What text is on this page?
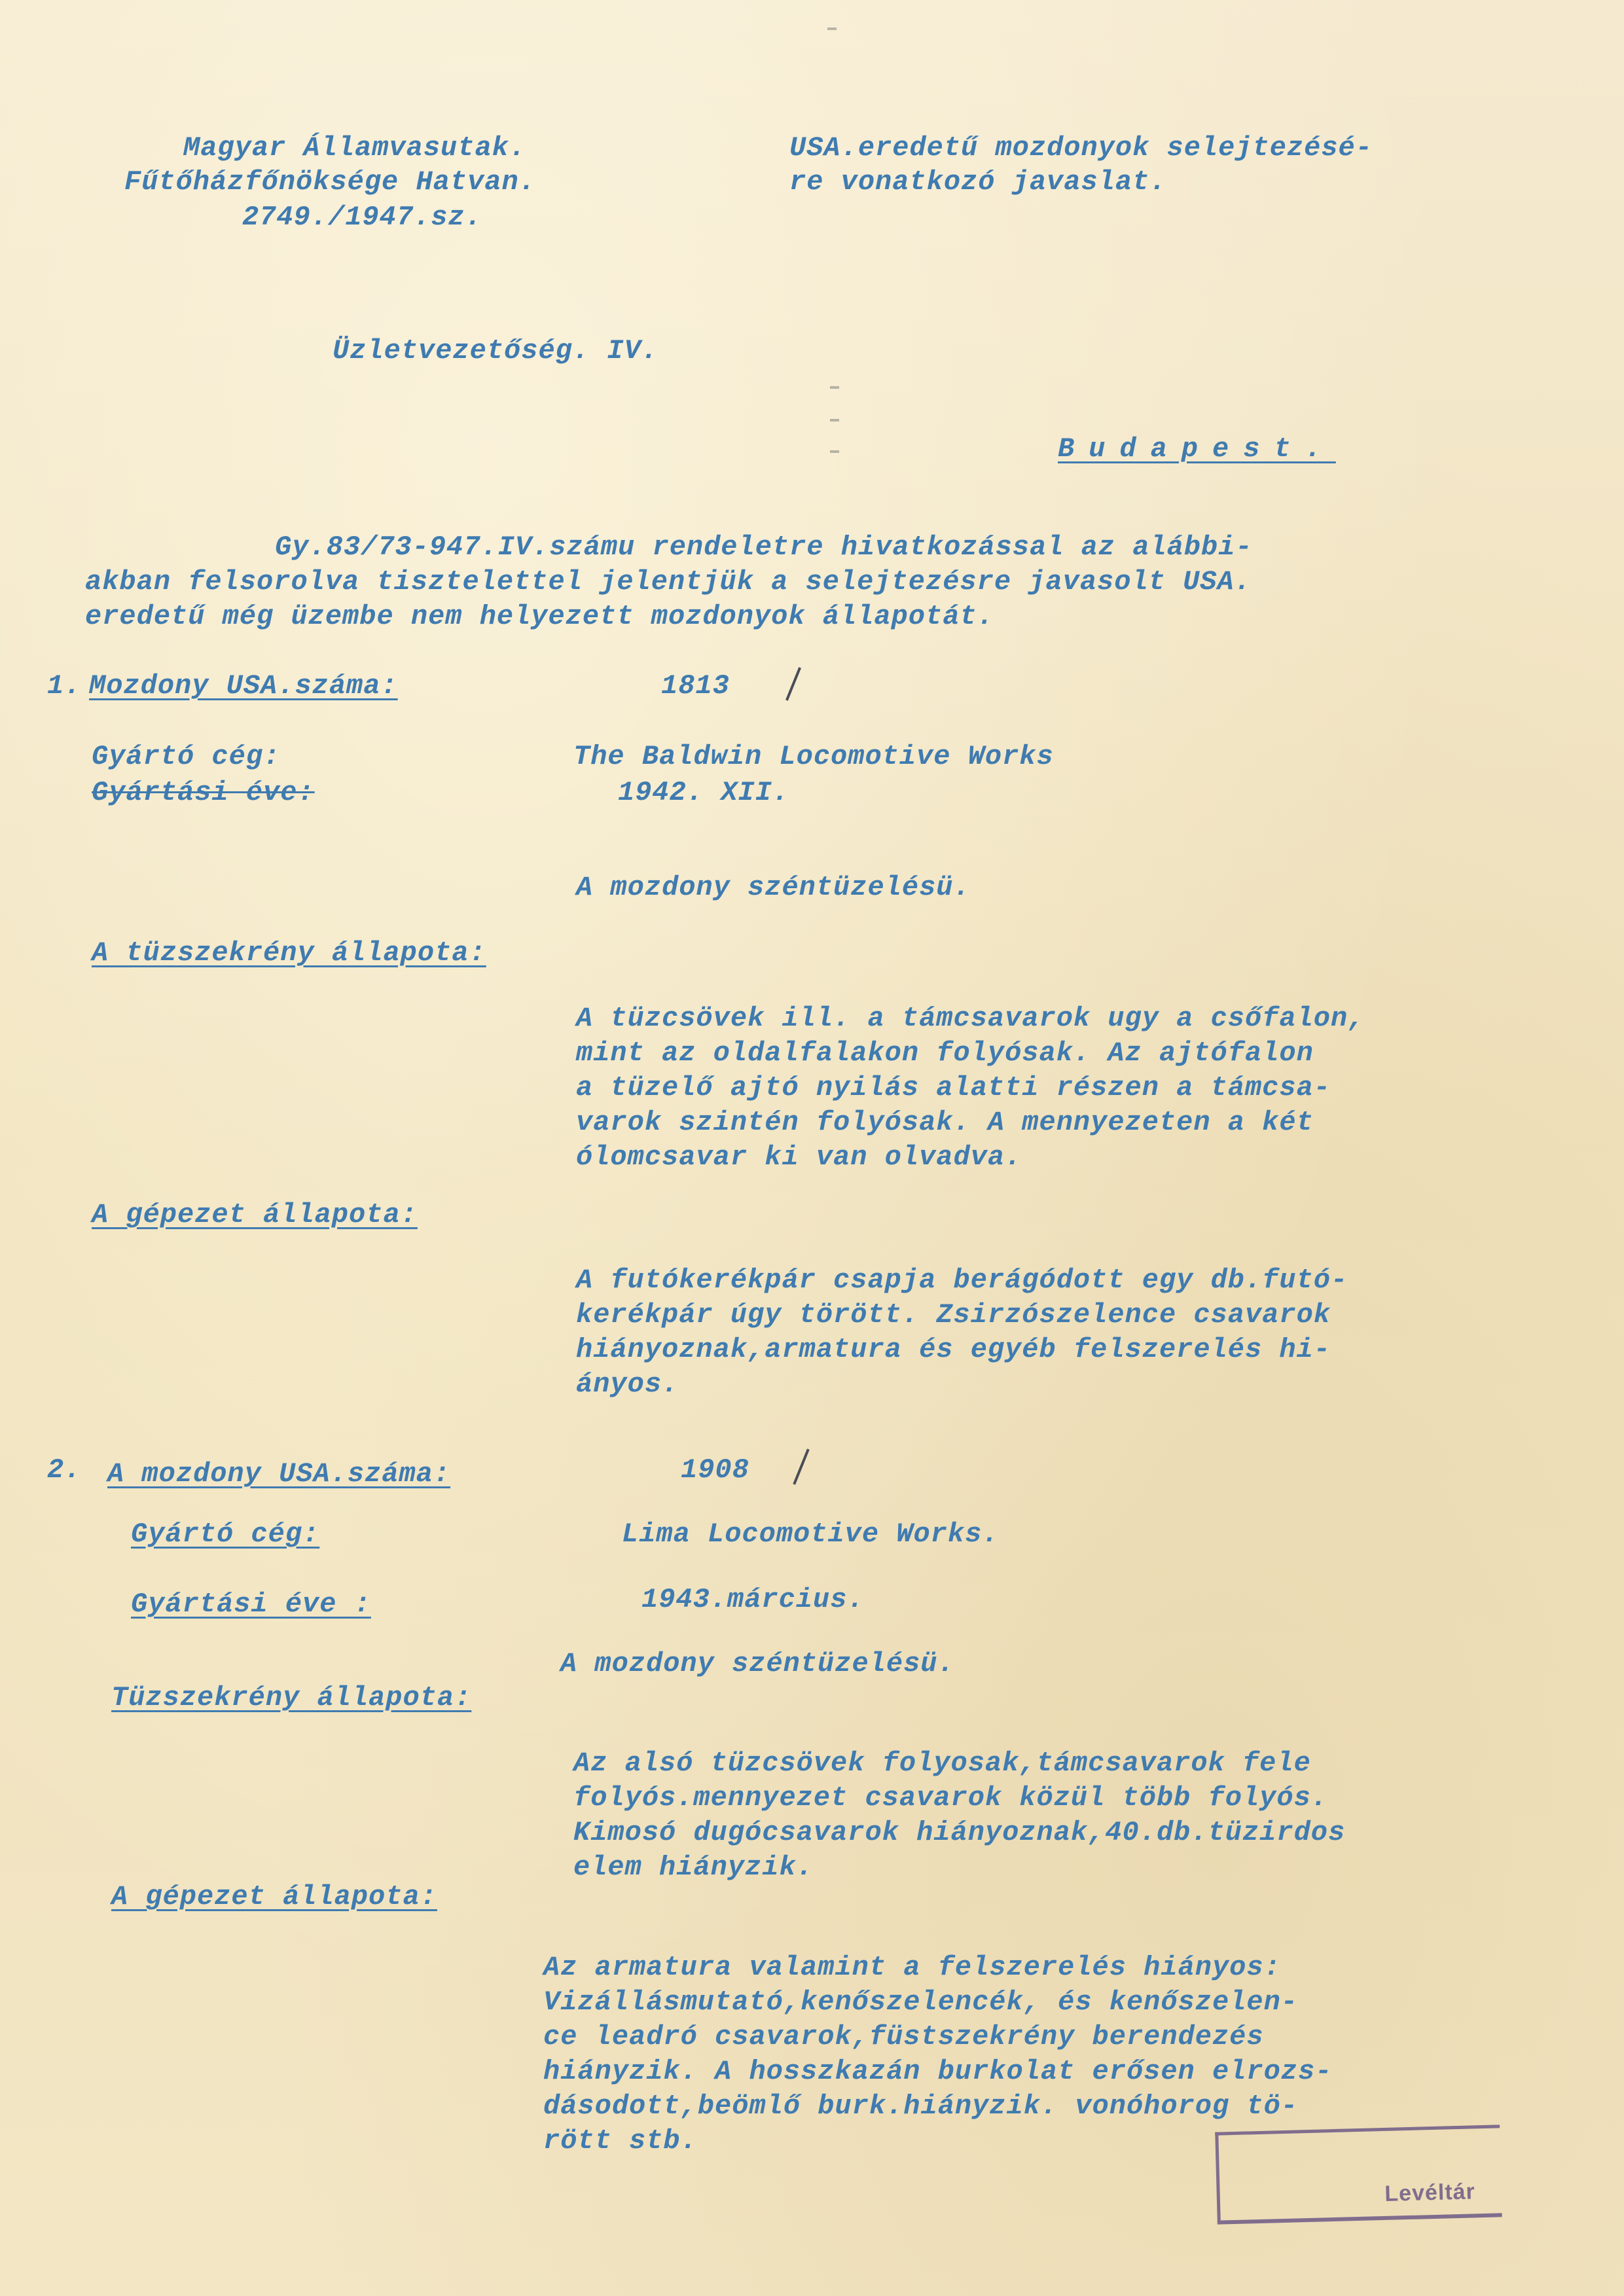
Magyar Államvasutak.
Fűtőházfőnöksége Hatvan.
2749./1947.sz.
USA.eredetű mozdonyok selejtezésé-
re vonatkozó javaslat.
Üzletvezetőség. IV.
Budapest.
Gy.83/73-947.IV.számu rendeletre hivatkozással az alábbi-
akban felsorolva tisztelettel jelentjük a selejtezésre javasolt USA.
eredetű még üzembe nem helyezett mozdonyok állapotát.
1. Mozdony USA.száma:	1813
Gyártó cég:	The Baldwin Locomotive Works
Gyártási éve:	1942. XII.
A mozdony széntüzelésü.
A tüzszekrény állapota:
A tüzcsövek ill. a támcsavarok ugy a csőfalon,
mint az oldalfalakon folyósak. Az ajtófalon
a tüzelő ajtó nyilás alatti részen a támcsa-
varok szintén folyósak. A mennyezeten a két
ólomcsavar ki van olvadva.
A gépezet állapota:
A futókerékpár csapja berágódott egy db.futó-
kerékpár úgy törött. Zsirzószelence csavarok
hiányoznak,armatura és egyéb felszerelés hi-
ányos.
2. A mozdony USA.száma:	1908
Gyártó cég:	Lima Locomotive Works.
Gyártási éve :	1943.március.
A mozdony széntüzelésü.
Tüzszekrény állapota:
Az alsó tüzcsövek folyosak,támcsavarok fele
folyós.mennyezet csavarok közül több folyós.
Kimosó dugócsavarok hiányoznak,40.db.tüzirdos
elem hiányzik.
A gépezet állapota:
Az armatura valamint a felszerelés hiányos:
Vizállásmutató,kenőszelencék, és kenőszelen-
ce leadró csavarok,füstszekrény berendezés
hiányzik. A hosszkazán burkolat erősen elrozs-
dásodott,beömlő burk.hiányzik. vonóhorog tö-
rött stb.
Levéltár
